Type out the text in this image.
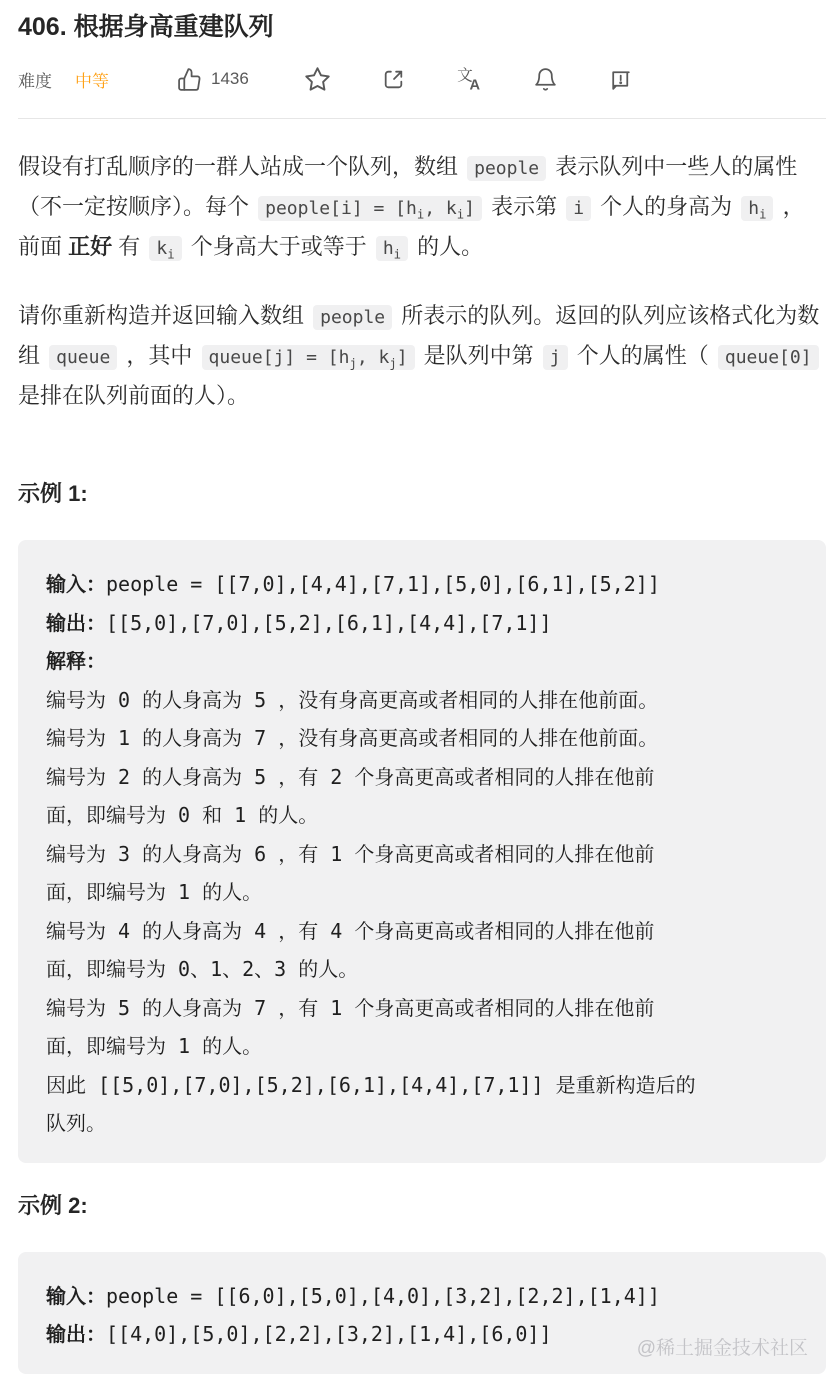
406. 根据身高重建队列
难度 中等	1436	文
A

假设有打乱顺序的一群人站成一个队列，数组 people 表示队列中一些人的属性（不一定按顺序）。每个 people[i] = [$h_i$, $k_i$] 表示第 i 个人的身高为 $h_i$ ，前面 正好 有 $k_i$ 个身高大于或等于 $h_i$ 的人。

请你重新构造并返回输入数组 people 所表示的队列。返回的队列应该格式化为数组 queue ，其中 queue[j] = [$h_j$, $k_j$] 是队列中第 j 个人的属性（ queue[0] 是排在队列前面的人）。

示例 1:
输入：people = [[7,0],[4,4],[7,1],[5,0],[6,1],[5,2]]
输出：[[5,0],[7,0],[5,2],[6,1],[4,4],[7,1]]
解释：
编号为 0 的人身高为 5 ，没有身高更高或者相同的人排在他前面。
编号为 1 的人身高为 7 ，没有身高更高或者相同的人排在他前面。
编号为 2 的人身高为 5 ，有 2 个身高更高或者相同的人排在他前
面，即编号为 0 和 1 的人。
编号为 3 的人身高为 6 ，有 1 个身高更高或者相同的人排在他前
面，即编号为 1 的人。
编号为 4 的人身高为 4 ，有 4 个身高更高或者相同的人排在他前
面，即编号为 0、1、2、3 的人。
编号为 5 的人身高为 7 ，有 1 个身高更高或者相同的人排在他前
面，即编号为 1 的人。
因此 [[5,0],[7,0],[5,2],[6,1],[4,4],[7,1]] 是重新构造后的
队列。
示例 2:
输入：people = [[6,0],[5,0],[4,0],[3,2],[2,2],[1,4]]
输出：[[4,0],[5,0],[2,2],[3,2],[1,4],[6,0]]
@稀土掘金技术社区
